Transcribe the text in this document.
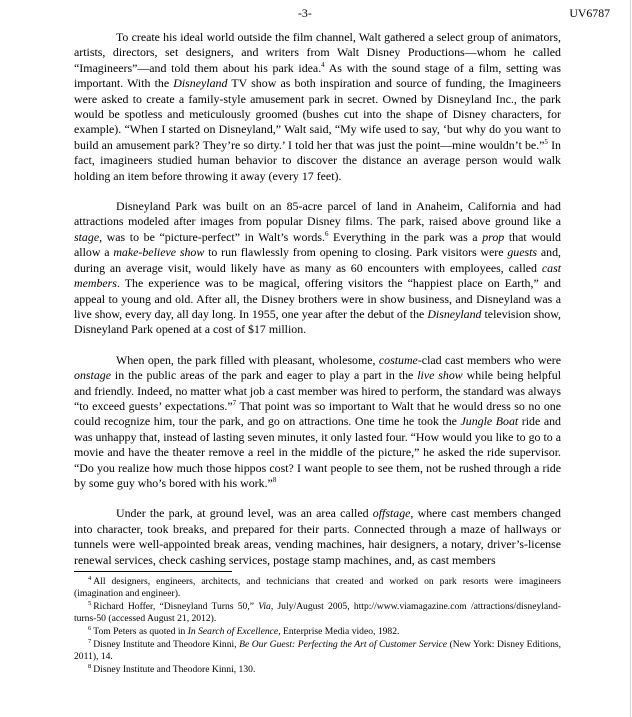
-3-	UV6787

To create his ideal world outside the film channel, Walt gathered a select group of animators, artists, directors, set designers, and writers from Walt Disney Productions—whom he called “Imagineers”—and told them about his park idea.$^4$ As with the sound stage of a film, setting was important. With the Disneyland TV show as both inspiration and source of funding, the Imagineers were asked to create a family-style amusement park in secret. Owned by Disneyland Inc., the park would be spotless and meticulously groomed (bushes cut into the shape of Disney characters, for example). “When I started on Disneyland,” Walt said, “My wife used to say, ‘but why do you want to build an amusement park? They’re so dirty.’ I told her that was just the point—mine wouldn’t be.”$^5$ In fact, imagineers studied human behavior to discover the distance an average person would walk holding an item before throwing it away (every 17 feet).

Disneyland Park was built on an 85-acre parcel of land in Anaheim, California and had attractions modeled after images from popular Disney films. The park, raised above ground like a stage, was to be “picture-perfect” in Walt’s words.$^6$ Everything in the park was a prop that would allow a make-believe show to run flawlessly from opening to closing. Park visitors were guests and, during an average visit, would likely have as many as 60 encounters with employees, called cast members. The experience was to be magical, offering visitors the “happiest place on Earth,” and appeal to young and old. After all, the Disney brothers were in show business, and Disneyland was a live show, every day, all day long. In 1955, one year after the debut of the Disneyland television show, Disneyland Park opened at a cost of $17 million.

When open, the park filled with pleasant, wholesome, costume-clad cast members who were onstage in the public areas of the park and eager to play a part in the live show while being helpful and friendly. Indeed, no matter what job a cast member was hired to perform, the standard was always “to exceed guests’ expectations.”$^7$ That point was so important to Walt that he would dress so no one could recognize him, tour the park, and go on attractions. One time he took the Jungle Boat ride and was unhappy that, instead of lasting seven minutes, it only lasted four. “How would you like to go to a movie and have the theater remove a reel in the middle of the picture,” he asked the ride supervisor. “Do you realize how much those hippos cost? I want people to see them, not be rushed through a ride by some guy who’s bored with his work.”$^8$

Under the park, at ground level, was an area called offstage, where cast members changed into character, took breaks, and prepared for their parts. Connected through a maze of hallways or tunnels were well-appointed break areas, vending machines, hair designers, a notary, driver’s-license renewal services, check cashing services, postage stamp machines, and, as cast members

$^4$ All designers, engineers, architects, and technicians that created and worked on park resorts were imagineers (imagination and engineer).
$^5$ Richard Hoffer, “Disneyland Turns 50,” Via, July/August 2005, http://www.viamagazine.com /attractions/disneyland-turns-50 (accessed August 21, 2012).
$^6$ Tom Peters as quoted in In Search of Excellence, Enterprise Media video, 1982.
$^7$ Disney Institute and Theodore Kinni, Be Our Guest: Perfecting the Art of Customer Service (New York: Disney Editions, 2011), 14.
$^8$ Disney Institute and Theodore Kinni, 130.
